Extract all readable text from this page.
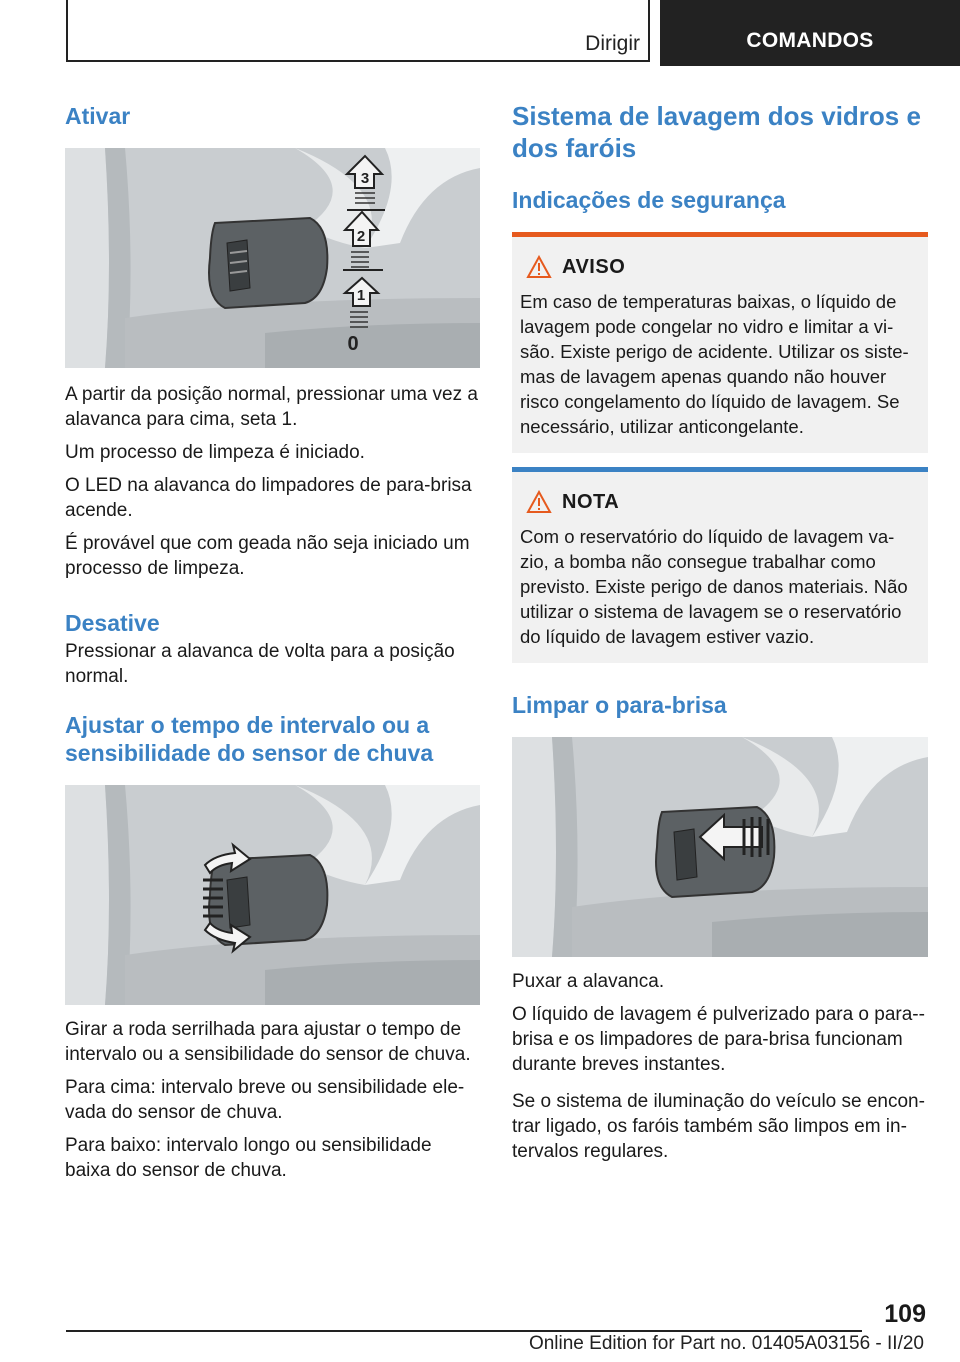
Dirigir	COMANDOS
Ativar
3
2
1
0

A partir da posição normal, pressionar uma vez a alavanca para cima, seta 1.

Um processo de limpeza é iniciado.

O LED na alavanca do limpadores de para-brisa acende.

É provável que com geada não seja iniciado um processo de limpeza.

Desative

Pressionar a alavanca de volta para a posição normal.

Ajustar o tempo de intervalo ou a sensibilidade do sensor de chuva

Girar a roda serrilhada para ajustar o tempo de intervalo ou a sensibilidade do sensor de chuva.

Para cima: intervalo breve ou sensibilidade ele-vada do sensor de chuva.

Para baixo: intervalo longo ou sensibilidade baixa do sensor de chuva.

Sistema de lavagem dos vidros e dos faróis
Indicações de segurança
AVISO

Em caso de temperaturas baixas, o líquido de lavagem pode congelar no vidro e limitar a vi-são. Existe perigo de acidente. Utilizar os siste-mas de lavagem apenas quando não houver risco congelamento do líquido de lavagem. Se necessário, utilizar anticongelante.

NOTA

Com o reservatório do líquido de lavagem va-zio, a bomba não consegue trabalhar como previsto. Existe perigo de danos materiais. Não utilizar o sistema de lavagem se o reservatório do líquido de lavagem estiver vazio.

Limpar o para-brisa

Puxar a alavanca.

O líquido de lavagem é pulverizado para o para--brisa e os limpadores de para-brisa funcionam durante breves instantes.

Se o sistema de iluminação do veículo se encon-trar ligado, os faróis também são limpos em in-tervalos regulares.

109
Online Edition for Part no. 01405A03156 - II/20
